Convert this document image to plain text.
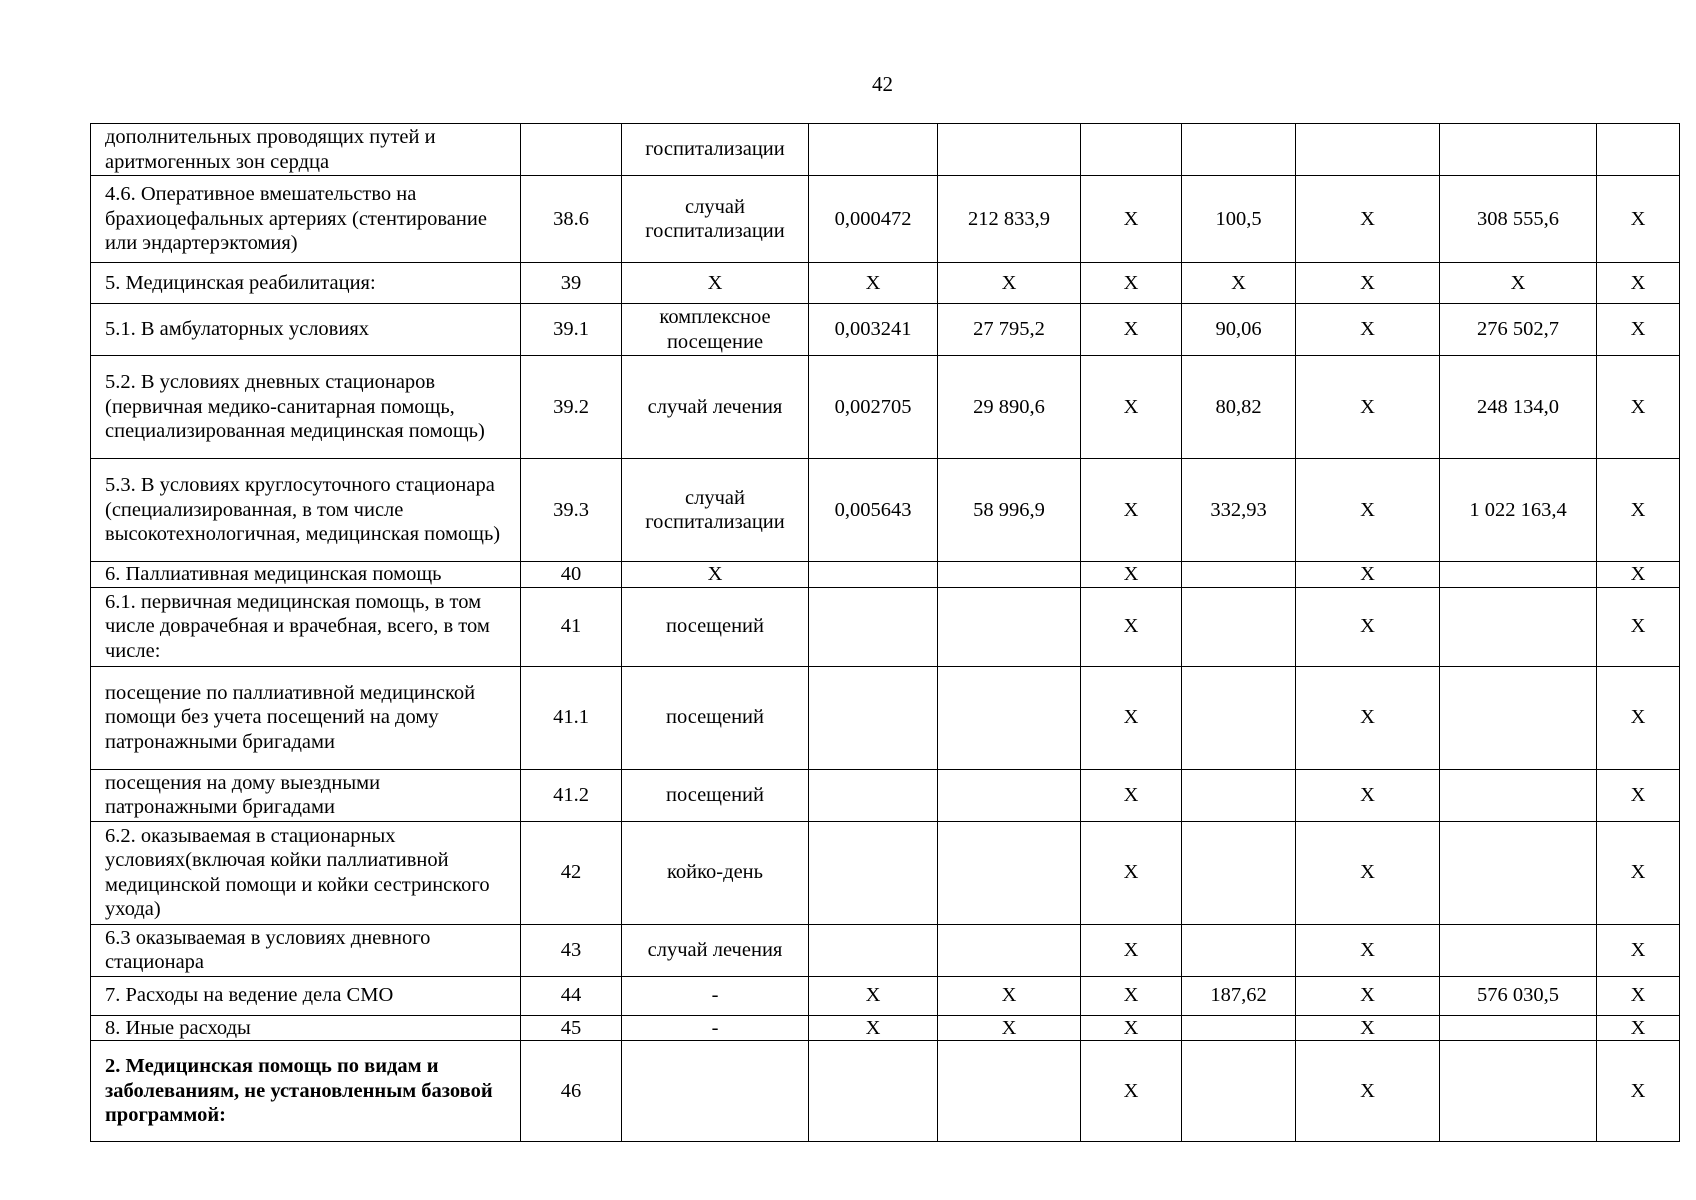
42
дополнительных проводящих путей и аритмогенных зон сердца		госпитализации							
4.6. Оперативное вмешательство на брахиоцефальных артериях (стентирование или эндартерэктомия)	38.6	случай госпитализации	0,000472	212 833,9	X	100,5	X	308 555,6	X
5. Медицинская реабилитация:	39	X	X	X	X	X	X	X	X
5.1. В амбулаторных условиях	39.1	комплексное посещение	0,003241	27 795,2	X	90,06	X	276 502,7	X
5.2. В условиях дневных стационаров (первичная медико-санитарная помощь, специализированная медицинская помощь)	39.2	случай лечения	0,002705	29 890,6	X	80,82	X	248 134,0	X
5.3. В условиях круглосуточного стационара (специализированная, в том числе высокотехнологичная, медицинская помощь)	39.3	случай госпитализации	0,005643	58 996,9	X	332,93	X	1 022 163,4	X
6. Паллиативная медицинская помощь	40	X			X		X		X
6.1. первичная медицинская помощь, в том числе доврачебная и врачебная, всего, в том числе:	41	посещений			X		X		X
посещение по паллиативной медицинской помощи без учета посещений на дому патронажными бригадами	41.1	посещений			X		X		X
посещения на дому выездными патронажными бригадами	41.2	посещений			X		X		X
6.2. оказываемая в стационарных условиях(включая койки паллиативной медицинской помощи и койки сестринского ухода)	42	койко-день			X		X		X
6.3 оказываемая в условиях дневного стационара	43	случай лечения			X		X		X
7. Расходы на ведение дела СМО	44	-	X	X	X	187,62	X	576 030,5	X
8. Иные расходы	45	-	X	X	X		X		X
2. Медицинская помощь по видам и заболеваниям, не установленным базовой программой:	46				X		X		X
